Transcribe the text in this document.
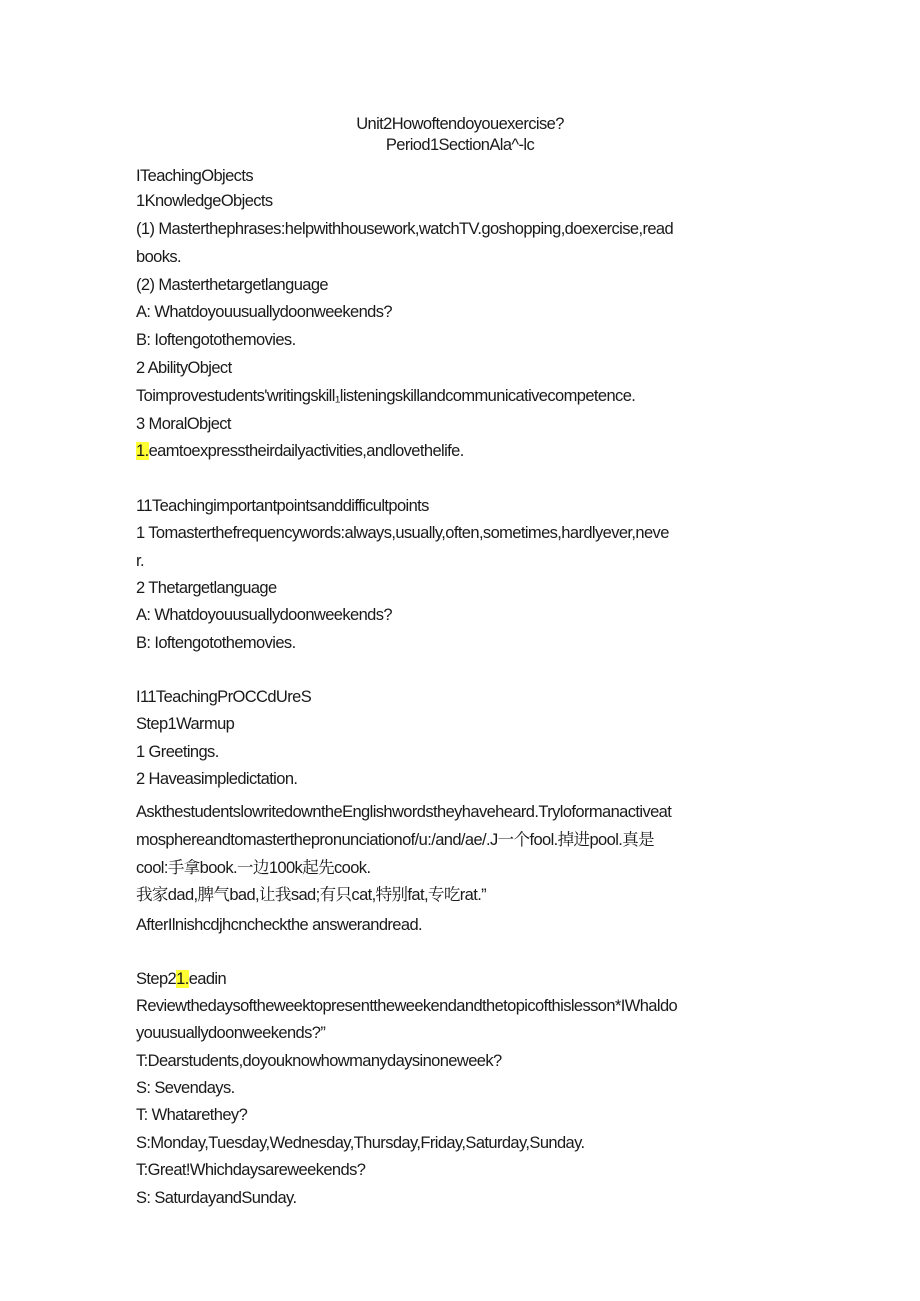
Unit2Howoftendoyouexercise?
Period1SectionAla^-lc
ITeachingObjects
1KnowledgeObjects
(1) Masterthephrases:helpwithhousework,watchTV.goshopping,doexercise,read
books.
(2) Masterthetargetlanguage
A: Whatdoyouusuallydoonweekends?
B: Ioftengotothemovies.
2 AbilityObject
Toimprovestudents'writingskill₁listeningskillandcommunicativecompetence.
3 MoralObject
1.eamtoexpresstheirdailyactivities,andlovethelife.
11Teachingimportantpointsanddifficultpoints
1 Tomasterthefrequencywords:always,usually,often,sometimes,hardlyever,neve
r.
2 Thetargetlanguage
A: Whatdoyouusuallydoonweekends?
B: Ioftengotothemovies.
I11TeachingPrOCCdUreS
Step1Warmup
1 Greetings.
2 Haveasimpledictation.
AskthestudentslowritedowntheEnglishwordstheyhaveheard.Tryloformanactiveat
mosphereandtomasterthepronunciationof/u:/and/ae/.J一个fool.掉进pool.真是
cool:手拿book.一边100k起先cook.
我家dad,脾气bad,让我sad;有只cat,特别fat,专吃rat.”
AfterIlnishcdjhcncheckthe answerandread.
Step21.eadin
Reviewthedaysoftheweektopresenttheweekendandthetopicofthislesson*IWhaldo
youusuallydoonweekends?”
T:Dearstudents,doyouknowhowmanydaysinoneweek?
S: Sevendays.
T: Whatarethey?
S:Monday,Tuesday,Wednesday,Thursday,Friday,Saturday,Sunday.
T:Great!Whichdaysareweekends?
S: SaturdayandSunday.
